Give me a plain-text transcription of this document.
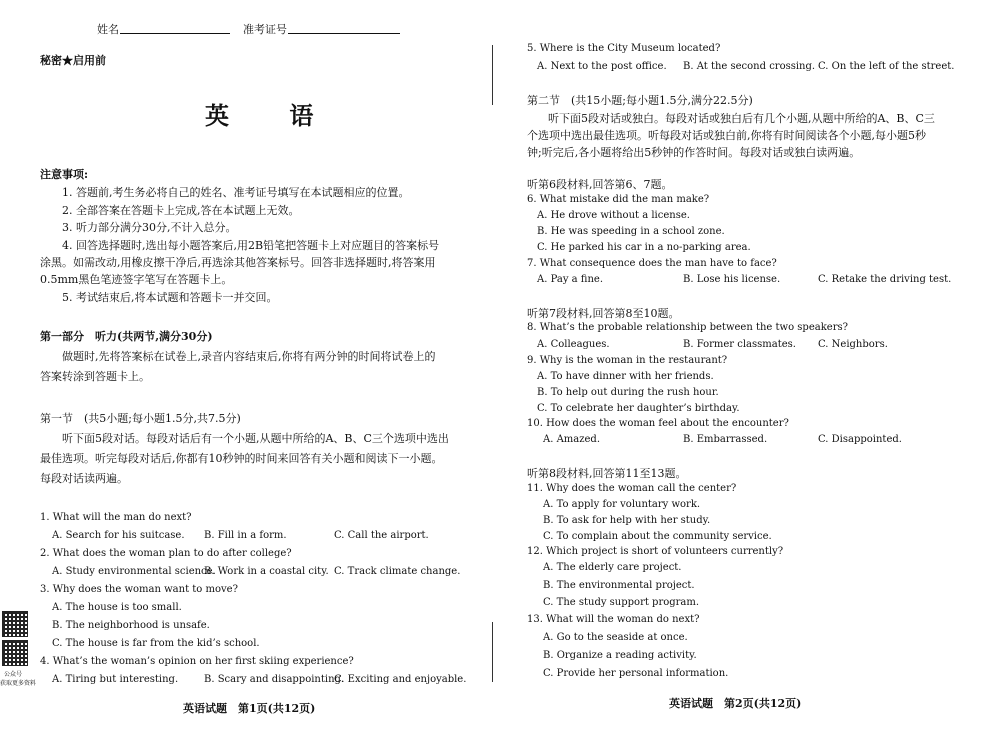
姓名	准考证号
秘密★启用前
英 语
注意事项:
1. 答题前,考生务必将自己的姓名、准考证号填写在本试题相应的位置。
2. 全部答案在答题卡上完成,答在本试题上无效。
3. 听力部分满分30分,不计入总分。
4. 回答选择题时,选出每小题答案后,用2B铅笔把答题卡上对应题目的答案标号
涂黑。如需改动,用橡皮擦干净后,再选涂其他答案标号。回答非选择题时,将答案用
0.5mm黑色笔迹签字笔写在答题卡上。
5. 考试结束后,将本试题和答题卡一并交回。
第一部分　听力(共两节,满分30分)
做题时,先将答案标在试卷上,录音内容结束后,你将有两分钟的时间将试卷上的
答案转涂到答题卡上。
第一节　(共5小题;每小题1.5分,共7.5分)
听下面5段对话。每段对话后有一个小题,从题中所给的A、B、C三个选项中选出
最佳选项。听完每段对话后,你都有10秒钟的时间来回答有关小题和阅读下一小题。
每段对话读两遍。
1. What will the man do next?
A. Search for his suitcase. B. Fill in a form.	C. Call the airport.
2. What does the woman plan to do after college?
A. Study environmental science.
B. Work in a coastal city. C. Track climate change.
3. Why does the woman want to move?
A. The house is too small.
B. The neighborhood is unsafe.
C. The house is far from the kid’s school.
4. What’s the woman’s opinion on her first skiing experience?
A. Tiring but interesting.	B. Scary and disappointing.
C. Exciting and enjoyable.
公众号
获取更多资料
英语试题　第1页(共12页)
5. Where is the City Museum located?
A. Next to the post office. B. At the second crossing. C. On the left of the street.
第二节　(共15小题;每小题1.5分,满分22.5分)
听下面5段对话或独白。每段对话或独白后有几个小题,从题中所给的A、B、C三
个选项中选出最佳选项。听每段对话或独白前,你将有时间阅读各个小题,每小题5秒
钟;听完后,各小题将给出5秒钟的作答时间。每段对话或独白读两遍。
听第6段材料,回答第6、7题。
6. What mistake did the man make?
A. He drove without a license.
B. He was speeding in a school zone.
C. He parked his car in a no-parking area.
7. What consequence does the man have to face?
A. Pay a fine.	B. Lose his license.	C. Retake the driving test.
听第7段材料,回答第8至10题。
8. What’s the probable relationship between the two speakers?
A. Colleagues.	B. Former classmates. C. Neighbors.
9. Why is the woman in the restaurant?
A. To have dinner with her friends.
B. To help out during the rush hour.
C. To celebrate her daughter’s birthday.
10. How does the woman feel about the encounter?
A. Amazed.	B. Embarrassed.	C. Disappointed.
听第8段材料,回答第11至13题。
11. Why does the woman call the center?
A. To apply for voluntary work.
B. To ask for help with her study.
C. To complain about the community service.
12. Which project is short of volunteers currently?
A. The elderly care project.
B. The environmental project.
C. The study support program.
13. What will the woman do next?
A. Go to the seaside at once.
B. Organize a reading activity.
C. Provide her personal information.
英语试题　第2页(共12页)
